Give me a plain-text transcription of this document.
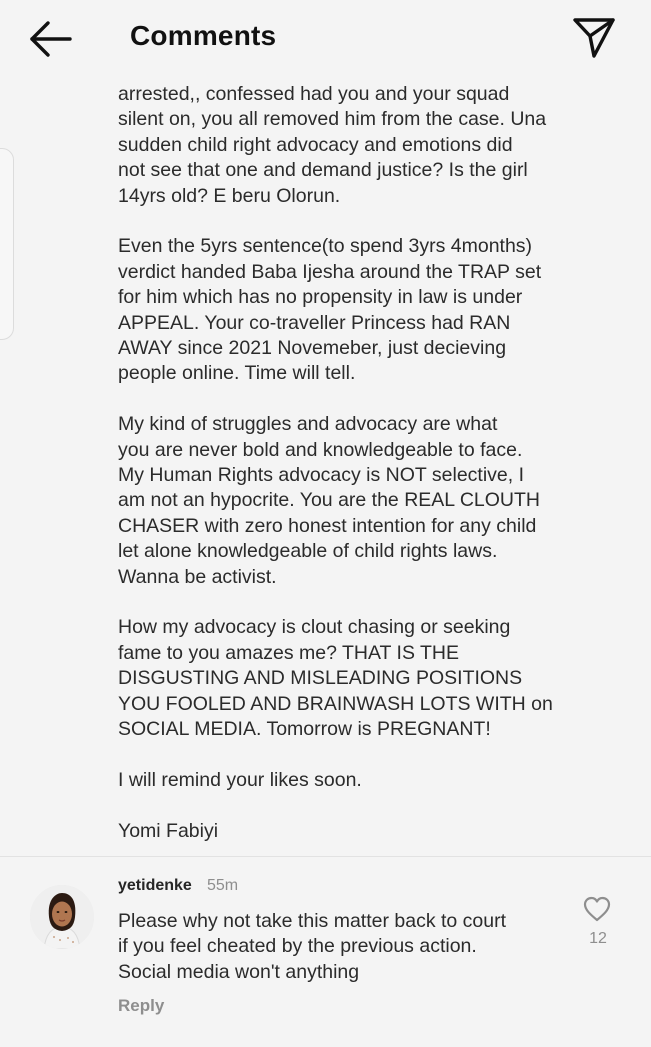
Comments

arrested,, confessed had you and your squad
silent on, you all removed him from the case. Una
sudden child right advocacy and emotions did
not see that one and demand justice? Is the girl
14yrs old? E beru Olorun.

Even the 5yrs sentence(to spend 3yrs 4months)
verdict handed Baba Ijesha around the TRAP set
for him which has no propensity in law is under
APPEAL. Your co-traveller Princess had RAN
AWAY since 2021 Novemeber, just decieving
people online. Time will tell.

My kind of struggles and advocacy are what
you are never bold and knowledgeable to face.
My Human Rights advocacy is NOT selective, I
am not an hypocrite. You are the REAL CLOUTH
CHASER with zero honest intention for any child
let alone knowledgeable of child rights laws.
Wanna be activist.

How my advocacy is clout chasing or seeking
fame to you amazes me? THAT IS THE
DISGUSTING AND MISLEADING POSITIONS
YOU FOOLED AND BRAINWASH LOTS WITH on
SOCIAL MEDIA. Tomorrow is PREGNANT!

I will remind your likes soon.

Yomi Fabiyi

yetidenke 55m
Please why not take this matter back to court
if you feel cheated by the previous action.
Social media won't anything
Reply
12
